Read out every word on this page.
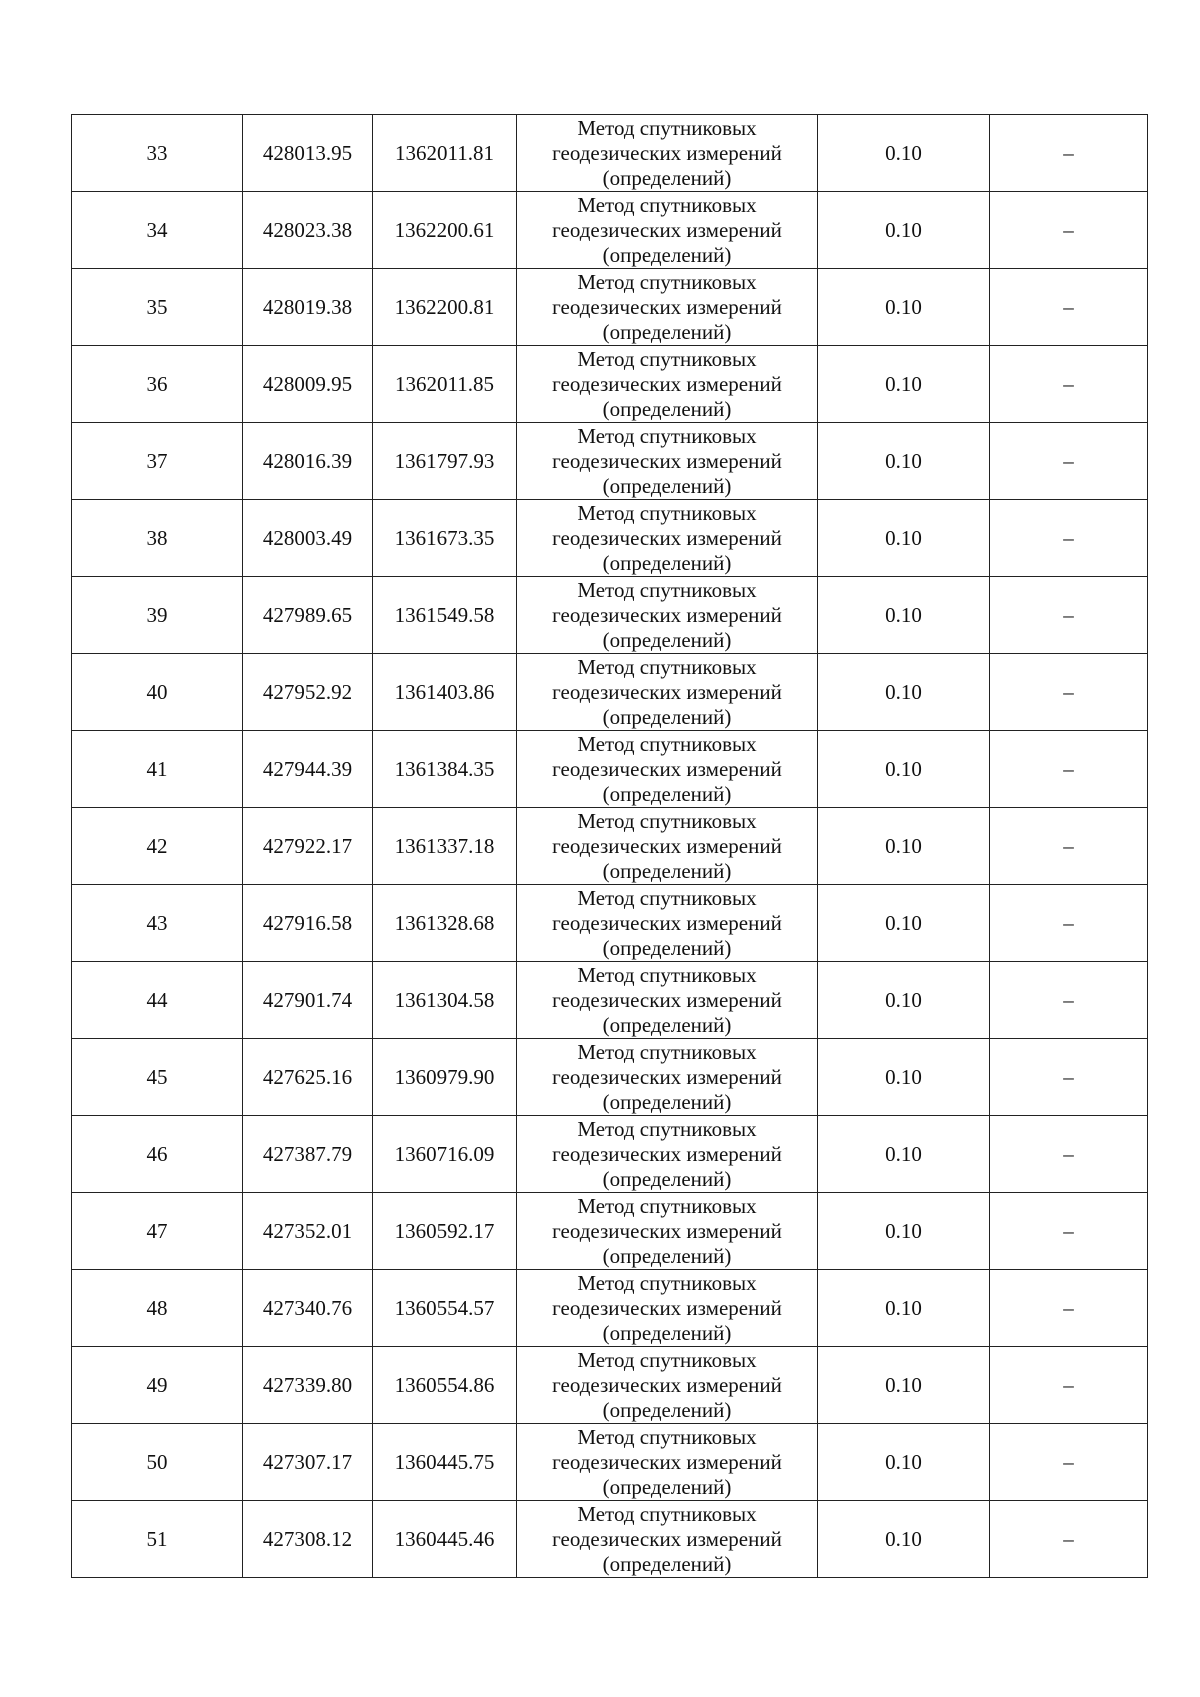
33	428013.95	1362011.81	Метод спутниковых геодезических измерений (определений)	0.10	–
34	428023.38	1362200.61	Метод спутниковых геодезических измерений (определений)	0.10	–
35	428019.38	1362200.81	Метод спутниковых геодезических измерений (определений)	0.10	–
36	428009.95	1362011.85	Метод спутниковых геодезических измерений (определений)	0.10	–
37	428016.39	1361797.93	Метод спутниковых геодезических измерений (определений)	0.10	–
38	428003.49	1361673.35	Метод спутниковых геодезических измерений (определений)	0.10	–
39	427989.65	1361549.58	Метод спутниковых геодезических измерений (определений)	0.10	–
40	427952.92	1361403.86	Метод спутниковых геодезических измерений (определений)	0.10	–
41	427944.39	1361384.35	Метод спутниковых геодезических измерений (определений)	0.10	–
42	427922.17	1361337.18	Метод спутниковых геодезических измерений (определений)	0.10	–
43	427916.58	1361328.68	Метод спутниковых геодезических измерений (определений)	0.10	–
44	427901.74	1361304.58	Метод спутниковых геодезических измерений (определений)	0.10	–
45	427625.16	1360979.90	Метод спутниковых геодезических измерений (определений)	0.10	–
46	427387.79	1360716.09	Метод спутниковых геодезических измерений (определений)	0.10	–
47	427352.01	1360592.17	Метод спутниковых геодезических измерений (определений)	0.10	–
48	427340.76	1360554.57	Метод спутниковых геодезических измерений (определений)	0.10	–
49	427339.80	1360554.86	Метод спутниковых геодезических измерений (определений)	0.10	–
50	427307.17	1360445.75	Метод спутниковых геодезических измерений (определений)	0.10	–
51	427308.12	1360445.46	Метод спутниковых геодезических измерений (определений)	0.10	–
